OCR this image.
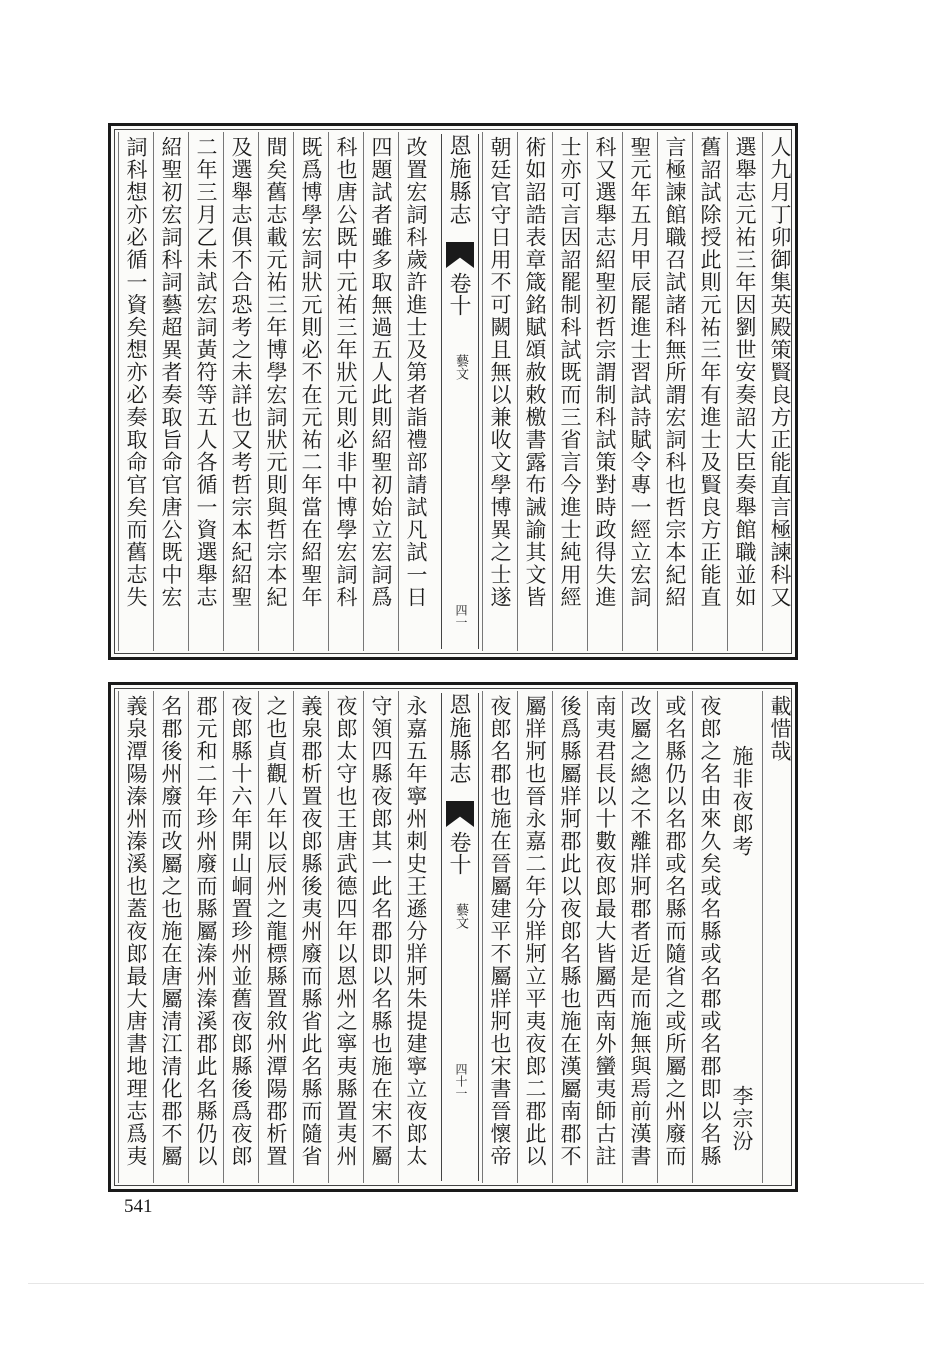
人九月丁卯御集英殿策賢良方正能直言極諫科又
選舉志元祐三年因劉世安奏詔大臣奏舉館職並如
舊詔試除授此則元祐三年有進士及賢良方正能直
言極諫館職召試諸科無所謂宏詞科也哲宗本紀紹
聖元年五月甲辰罷進士習試詩賦令專一經立宏詞
科又選舉志紹聖初哲宗謂制科試策對時政得失進
士亦可言因詔罷制科試既而三省言今進士純用經
術如詔誥表章箴銘賦頌赦敕檄書露布誡諭其文皆
朝廷官守日用不可闕且無以兼收文學博異之士遂
恩施縣志
卷十
藝文
四一
改置宏詞科歲許進士及第者詣禮部請試凡試一日
四題試者雖多取無過五人此則紹聖初始立宏詞爲
科也唐公既中元祐三年狀元則必非中博學宏詞科
既爲博學宏詞狀元則必不在元祐二年當在紹聖年
間矣舊志載元祐三年博學宏詞狀元則與哲宗本紀
及選舉志俱不合恐考之未詳也又考哲宗本紀紹聖
二年三月乙未試宏詞黃符等五人各循一資選舉志
紹聖初宏詞科詞藝超異者奏取旨命官唐公既中宏
詞科想亦必循一資矣想亦必奏取命官矣而舊志失
載惜哉
施非夜郎考
李宗汾
夜郎之名由來久矣或名縣或名郡或名郡即以名縣
或名縣仍以名郡或名縣而隨省之或所屬之州廢而
改屬之總之不離牂牁郡者近是而施無與焉前漢書
南夷君長以十數夜郎最大皆屬西南外蠻夷師古註
後爲縣屬牂牁郡此以夜郎名縣也施在漢屬南郡不
屬牂牁也晉永嘉二年分牂牁立平夷夜郎二郡此以
夜郎名郡也施在晉屬建平不屬牂牁也宋書晉懷帝
恩施縣志
卷十
藝文
四十一
永嘉五年寧州刺史王遜分牂牁朱提建寧立夜郎太
守領四縣夜郎其一此名郡即以名縣也施在宋不屬
夜郎太守也王唐武德四年以恩州之寧夷縣置夷州
義泉郡析置夜郎縣後夷州廢而縣省此名縣而隨省
之也貞觀八年以辰州之龍標縣置敘州潭陽郡析置
夜郎縣十六年開山峒置珍州並舊夜郎縣後爲夜郎
郡元和二年珍州廢而縣屬溱州溱溪郡此名縣仍以
名郡後州廢而改屬之也施在唐屬清江清化郡不屬
義泉潭陽溱州溱溪也蓋夜郎最大唐書地理志爲夷
541
